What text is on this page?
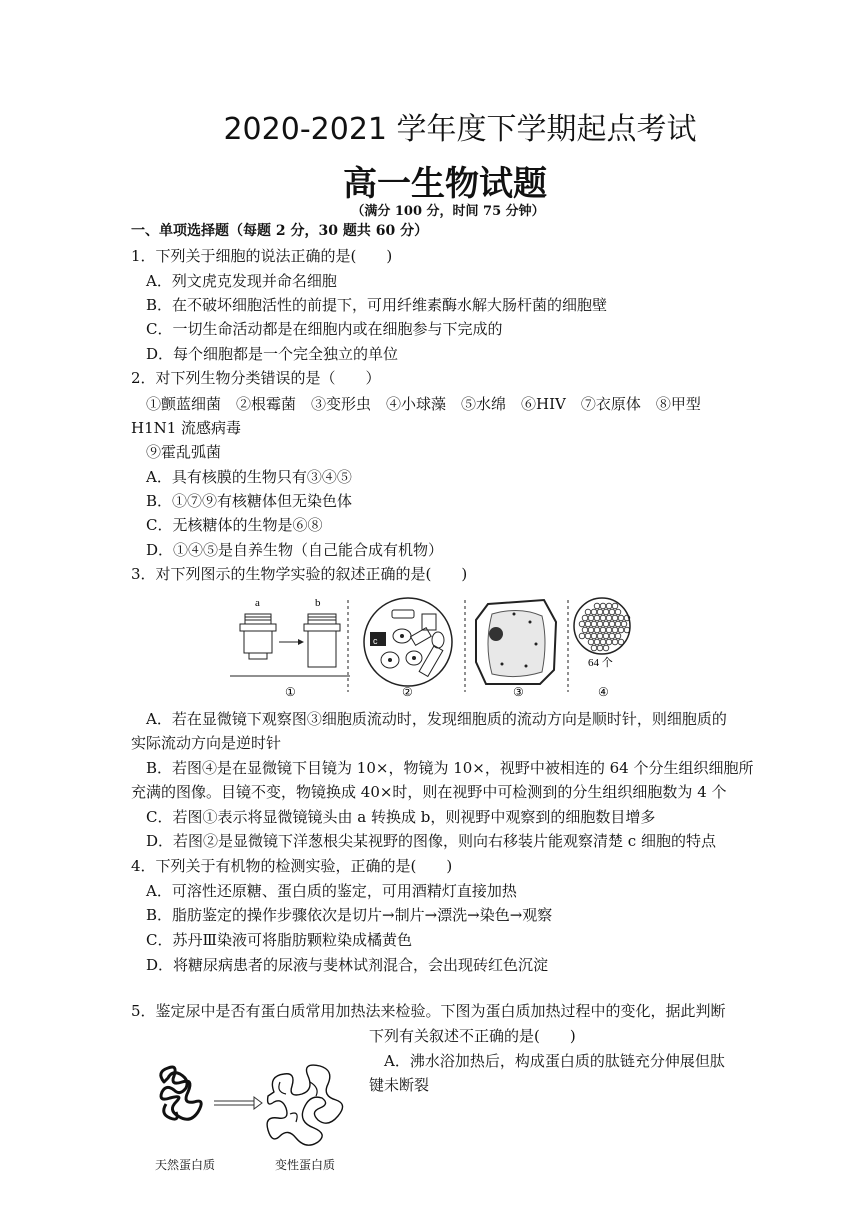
2020-2021 学年度下学期起点考试
高一生物试题
（满分 100 分，时间 75 分钟）
一、单项选择题（每题 2 分，30 题共 60 分）
1．下列关于细胞的说法正确的是(　　)
A．列文虎克发现并命名细胞
B．在不破坏细胞活性的前提下，可用纤维素酶水解大肠杆菌的细胞壁
C．一切生命活动都是在细胞内或在细胞参与下完成的
D．每个细胞都是一个完全独立的单位
2．对下列生物分类错误的是（　　）
①颤蓝细菌　②根霉菌　③变形虫　④小球藻　⑤水绵　⑥HIV　⑦衣原体　⑧甲型
H1N1 流感病毒
⑨霍乱弧菌
A．具有核膜的生物只有③④⑤
B．①⑦⑨有核糖体但无染色体
C．无核糖体的生物是⑥⑧
D．①④⑤是自养生物（自己能合成有机物）
3．对下列图示的生物学实验的叙述正确的是(　　)
a	b
①
c
②	③
64 个
④
A．若在显微镜下观察图③细胞质流动时，发现细胞质的流动方向是顺时针，则细胞质的
实际流动方向是逆时针
B．若图④是在显微镜下目镜为 10×，物镜为 10×，视野中被相连的 64 个分生组织细胞所
充满的图像。目镜不变，物镜换成 40×时，则在视野中可检测到的分生组织细胞数为 4 个
C．若图①表示将显微镜镜头由 a 转换成 b，则视野中观察到的细胞数目增多
D．若图②是显微镜下洋葱根尖某视野的图像，则向右移装片能观察清楚 c 细胞的特点
4．下列关于有机物的检测实验，正确的是(　　)
A．可溶性还原糖、蛋白质的鉴定，可用酒精灯直接加热
B．脂肪鉴定的操作步骤依次是切片→制片→漂洗→染色→观察
C．苏丹Ⅲ染液可将脂肪颗粒染成橘黄色
D．将糖尿病患者的尿液与斐林试剂混合，会出现砖红色沉淀
5．鉴定尿中是否有蛋白质常用加热法来检验。下图为蛋白质加热过程中的变化，据此判断
下列有关叙述不正确的是(　　)
A．沸水浴加热后，构成蛋白质的肽链充分伸展但肽
键未断裂
天然蛋白质	变性蛋白质
